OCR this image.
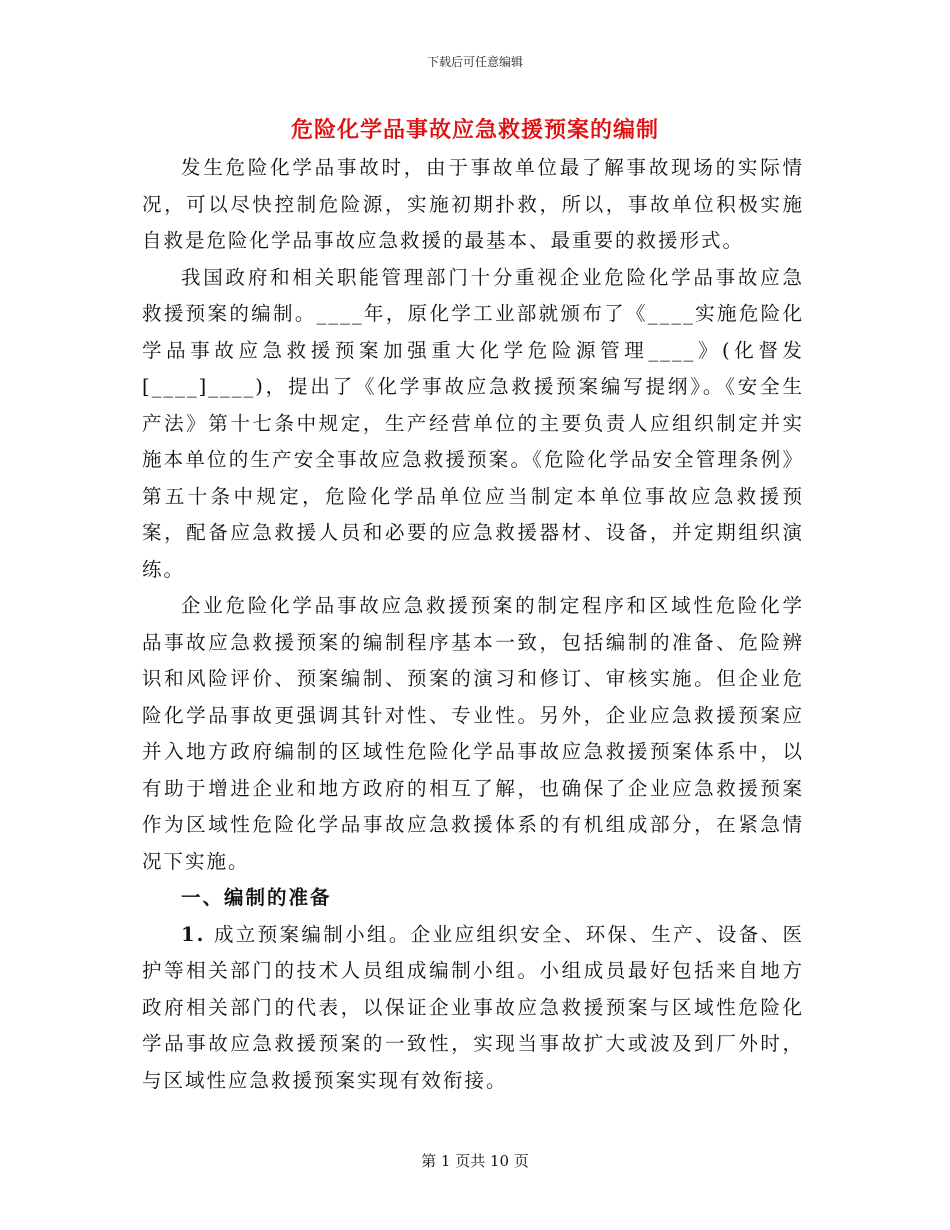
下载后可任意编辑
危险化学品事故应急救援预案的编制

发生危险化学品事故时，由于事故单位最了解事故现场的实际情况，可以尽快控制危险源，实施初期扑救，所以，事故单位积极实施自救是危险化学品事故应急救援的最基本、最重要的救援形式。

我国政府和相关职能管理部门十分重视企业危险化学品事故应急救援预案的编制。____年，原化学工业部就颁布了《____实施危险化学品事故应急救援预案加强重大化学危险源管理____》(化督发[____]____)，提出了《化学事故应急救援预案编写提纲》。《安全生产法》第十七条中规定，生产经营单位的主要负责人应组织制定并实施本单位的生产安全事故应急救援预案。《危险化学品安全管理条例》第五十条中规定，危险化学品单位应当制定本单位事故应急救援预案，配备应急救援人员和必要的应急救援器材、设备，并定期组织演练。

企业危险化学品事故应急救援预案的制定程序和区域性危险化学品事故应急救援预案的编制程序基本一致，包括编制的准备、危险辨识和风险评价、预案编制、预案的演习和修订、审核实施。但企业危险化学品事故更强调其针对性、专业性。另外，企业应急救援预案应并入地方政府编制的区域性危险化学品事故应急救援预案体系中，以有助于增进企业和地方政府的相互了解，也确保了企业应急救援预案作为区域性危险化学品事故应急救援体系的有机组成部分，在紧急情况下实施。

一、编制的准备

1. 成立预案编制小组。企业应组织安全、环保、生产、设备、医护等相关部门的技术人员组成编制小组。小组成员最好包括来自地方政府相关部门的代表，以保证企业事故应急救援预案与区域性危险化学品事故应急救援预案的一致性，实现当事故扩大或波及到厂外时，与区域性应急救援预案实现有效衔接。

第 1 页共 10 页
